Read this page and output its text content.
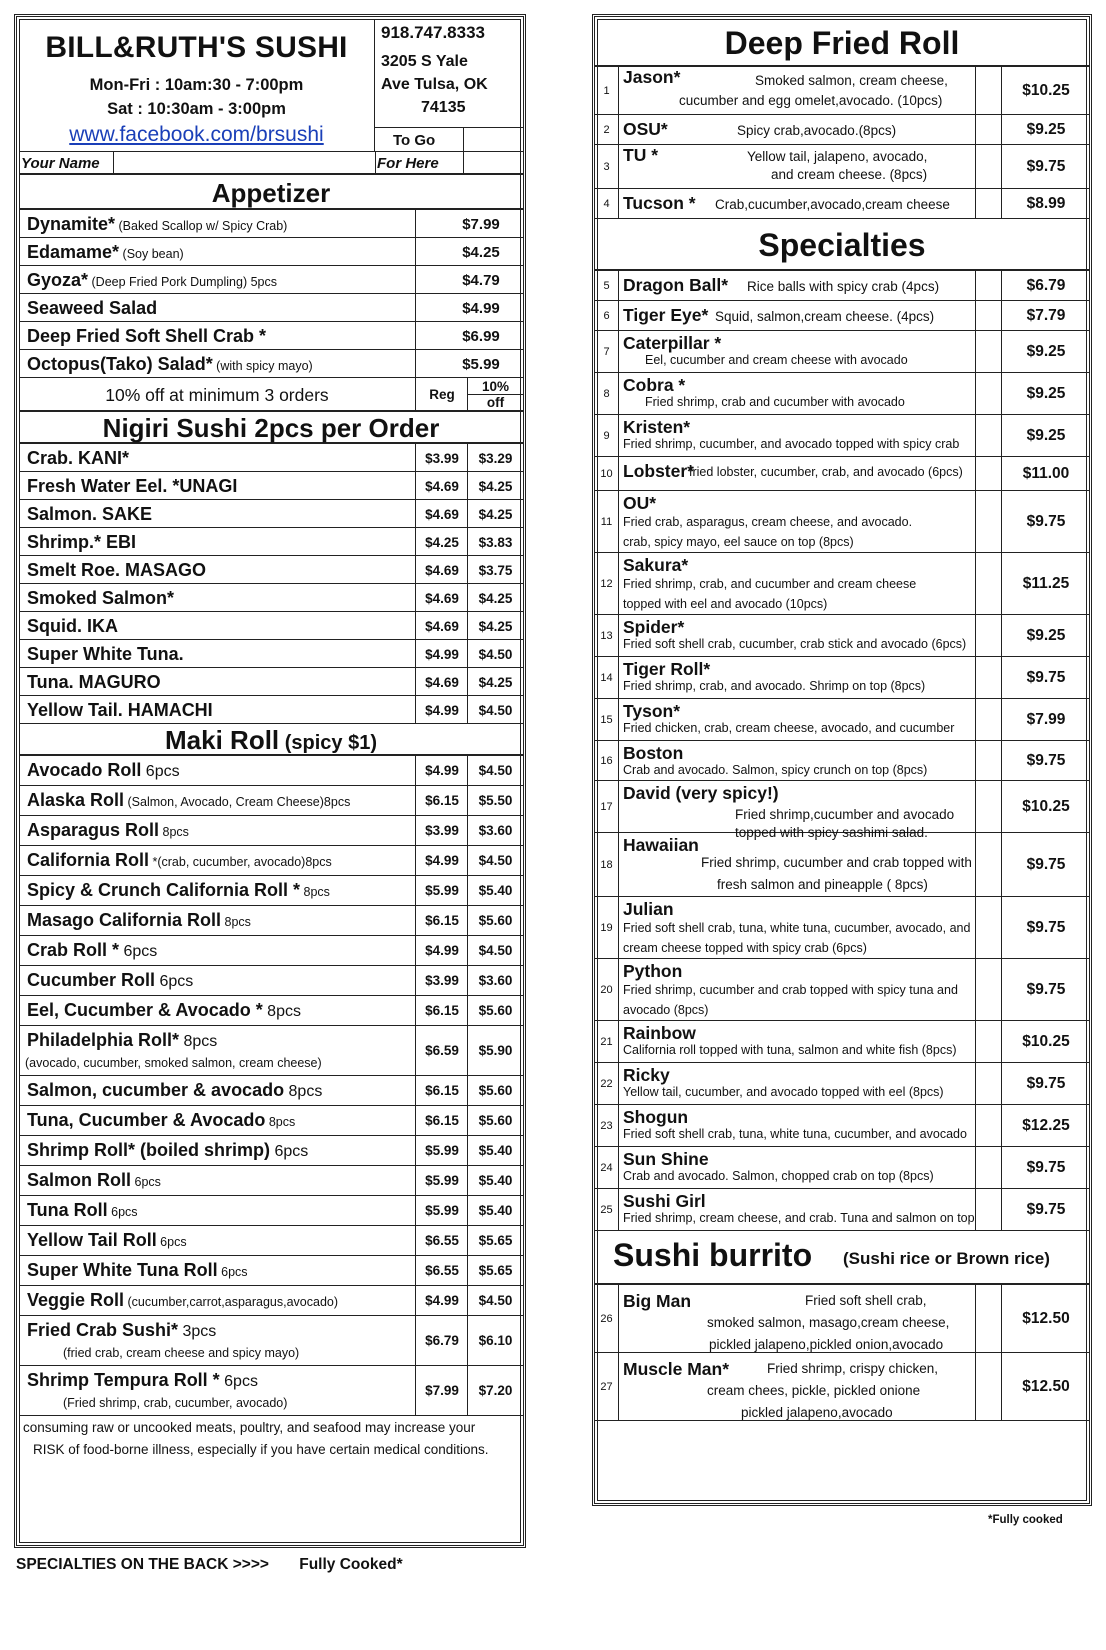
BILL&RUTH'S SUSHI
Mon-Fri : 10am:30 - 7:00pm
Sat : 10:30am - 3:00pm
www.facebook.com/brsushi
918.747.8333
3205 S Yale
Ave Tulsa, OK
74135
To Go
Your Name	For Here
Appetizer
Dynamite* (Baked Scallop w/ Spicy Crab)	$7.99
Edamame* (Soy bean)	$4.25
Gyoza* (Deep Fried Pork Dumpling) 5pcs	$4.79
Seaweed Salad	$4.99
Deep Fried Soft Shell Crab *	$6.99
Octopus(Tako) Salad* (with spicy mayo)	$5.99
10% off at minimum 3 orders	Reg
10%
off
Nigiri Sushi 2pcs per Order
Crab. KANI*	$3.99	$3.29
Fresh Water Eel. *UNAGI	$4.69	$4.25
Salmon. SAKE	$4.69	$4.25
Shrimp.* EBI	$4.25	$3.83
Smelt Roe. MASAGO	$4.69	$3.75
Smoked Salmon*	$4.69	$4.25
Squid. IKA	$4.69	$4.25
Super White Tuna.	$4.99	$4.50
Tuna. MAGURO	$4.69	$4.25
Yellow Tail. HAMACHI	$4.99	$4.50
Maki Roll (spicy $1)
Avocado Roll 6pcs	$4.99	$4.50
Alaska Roll (Salmon, Avocado, Cream Cheese)8pcs	$6.15	$5.50
Asparagus Roll 8pcs	$3.99	$3.60
California Roll *(crab, cucumber, avocado)8pcs	$4.99	$4.50
Spicy & Crunch California Roll * 8pcs	$5.99	$5.40
Masago California Roll 8pcs	$6.15	$5.60
Crab Roll * 6pcs	$4.99	$4.50
Cucumber Roll 6pcs	$3.99	$3.60
Eel, Cucumber & Avocado * 8pcs	$6.15	$5.60
Philadelphia Roll* 8pcs
(avocado, cucumber, smoked salmon, cream cheese)
$6.59	$5.90
Salmon, cucumber & avocado 8pcs	$6.15	$5.60
Tuna, Cucumber & Avocado 8pcs	$6.15	$5.60
Shrimp Roll* (boiled shrimp) 6pcs	$5.99	$5.40
Salmon Roll 6pcs	$5.99	$5.40
Tuna Roll 6pcs	$5.99	$5.40
Yellow Tail Roll 6pcs	$6.55	$5.65
Super White Tuna Roll 6pcs	$6.55	$5.65
Veggie Roll (cucumber,carrot,asparagus,avocado)	$4.99	$4.50
Fried Crab Sushi* 3pcs
(fried crab, cream cheese and spicy mayo)
$6.79	$6.10
Shrimp Tempura Roll * 6pcs
(Fried shrimp, crab, cucumber, avocado)
$7.99	$7.20
consuming raw or uncooked meats, poultry, and seafood may increase your
RISK of food-borne illness, especially if you have certain medical conditions.
SPECIALTIES ON THE BACK >>>> Fully Cooked*
Deep Fried Roll
1
Jason*	Smoked salmon, cream cheese,
cucumber and egg omelet,avocado. (10pcs)
$10.25
2 OSU*	Spicy crab,avocado.(8pcs)	$9.25
3
TU *	Yellow tail, jalapeno, avocado,
and cream cheese. (8pcs)	$9.75
4 Tucson * Crab,cucumber,avocado,cream cheese	$8.99
Specialties
5 Dragon Ball* Rice balls with spicy crab (4pcs)	$6.79
6 Tiger Eye* Squid, salmon,cream cheese. (4pcs)	$7.79
7 Caterpillar *
Eel, cucumber and cream cheese with avocado	$9.25
8 Cobra *
Fried shrimp, crab and cucumber with avocado	$9.25
9 Kristen*
Fried shrimp, cucumber, and avocado topped with spicy crab	$9.25
10 Lobster*
fried lobster, cucumber, crab, and avocado (6pcs)	$11.00
11
OU*
Fried crab, asparagus, cream cheese, and avocado.
crab, spicy mayo, eel sauce on top (8pcs)
$9.75
12
Sakura*
Fried shrimp, crab, and cucumber and cream cheese
topped with eel and avocado (10pcs)
$11.25
13 Spider*
Fried soft shell crab, cucumber, crab stick and avocado (6pcs)	$9.25
14 Tiger Roll*
Fried shrimp, crab, and avocado. Shrimp on top (8pcs)	$9.75
15 Tyson*
Fried chicken, crab, cream cheese, avocado, and cucumber	$7.99
16 Boston
Crab and avocado. Salmon, spicy crunch on top (8pcs)
$9.75
17
David (very spicy!)
Fried shrimp,cucumber and avocado
topped with spicy sashimi salad.
$10.25
18
Hawaiian
Fried shrimp, cucumber and crab topped with
fresh salmon and pineapple ( 8pcs)
$9.75
19
Julian
Fried soft shell crab, tuna, white tuna, cucumber, avocado, and
cream cheese topped with spicy crab (6pcs)
$9.75
20
Python
Fried shrimp, cucumber and crab topped with spicy tuna and
avocado (8pcs)
$9.75
21 Rainbow
California roll topped with tuna, salmon and white fish (8pcs)	$10.25
22 Ricky
Yellow tail, cucumber, and avocado topped with eel (8pcs)	$9.75
23 Shogun
Fried soft shell crab, tuna, white tuna, cucumber, and avocado	$12.25
24 Sun Shine
Crab and avocado. Salmon, chopped crab on top (8pcs)	$9.75
25 Sushi Girl
Fried shrimp, cream cheese, and crab. Tuna and salmon on top	$9.75
Sushi burrito (Sushi rice or Brown rice)
26
Big Man	Fried soft shell crab,
smoked salmon, masago,cream cheese,
pickled jalapeno,pickled onion,avocado
$12.50
27
Muscle Man*	Fried shrimp, crispy chicken,
cream chees, pickle, pickled onione
pickled jalapeno,avocado
$12.50
*Fully cooked
